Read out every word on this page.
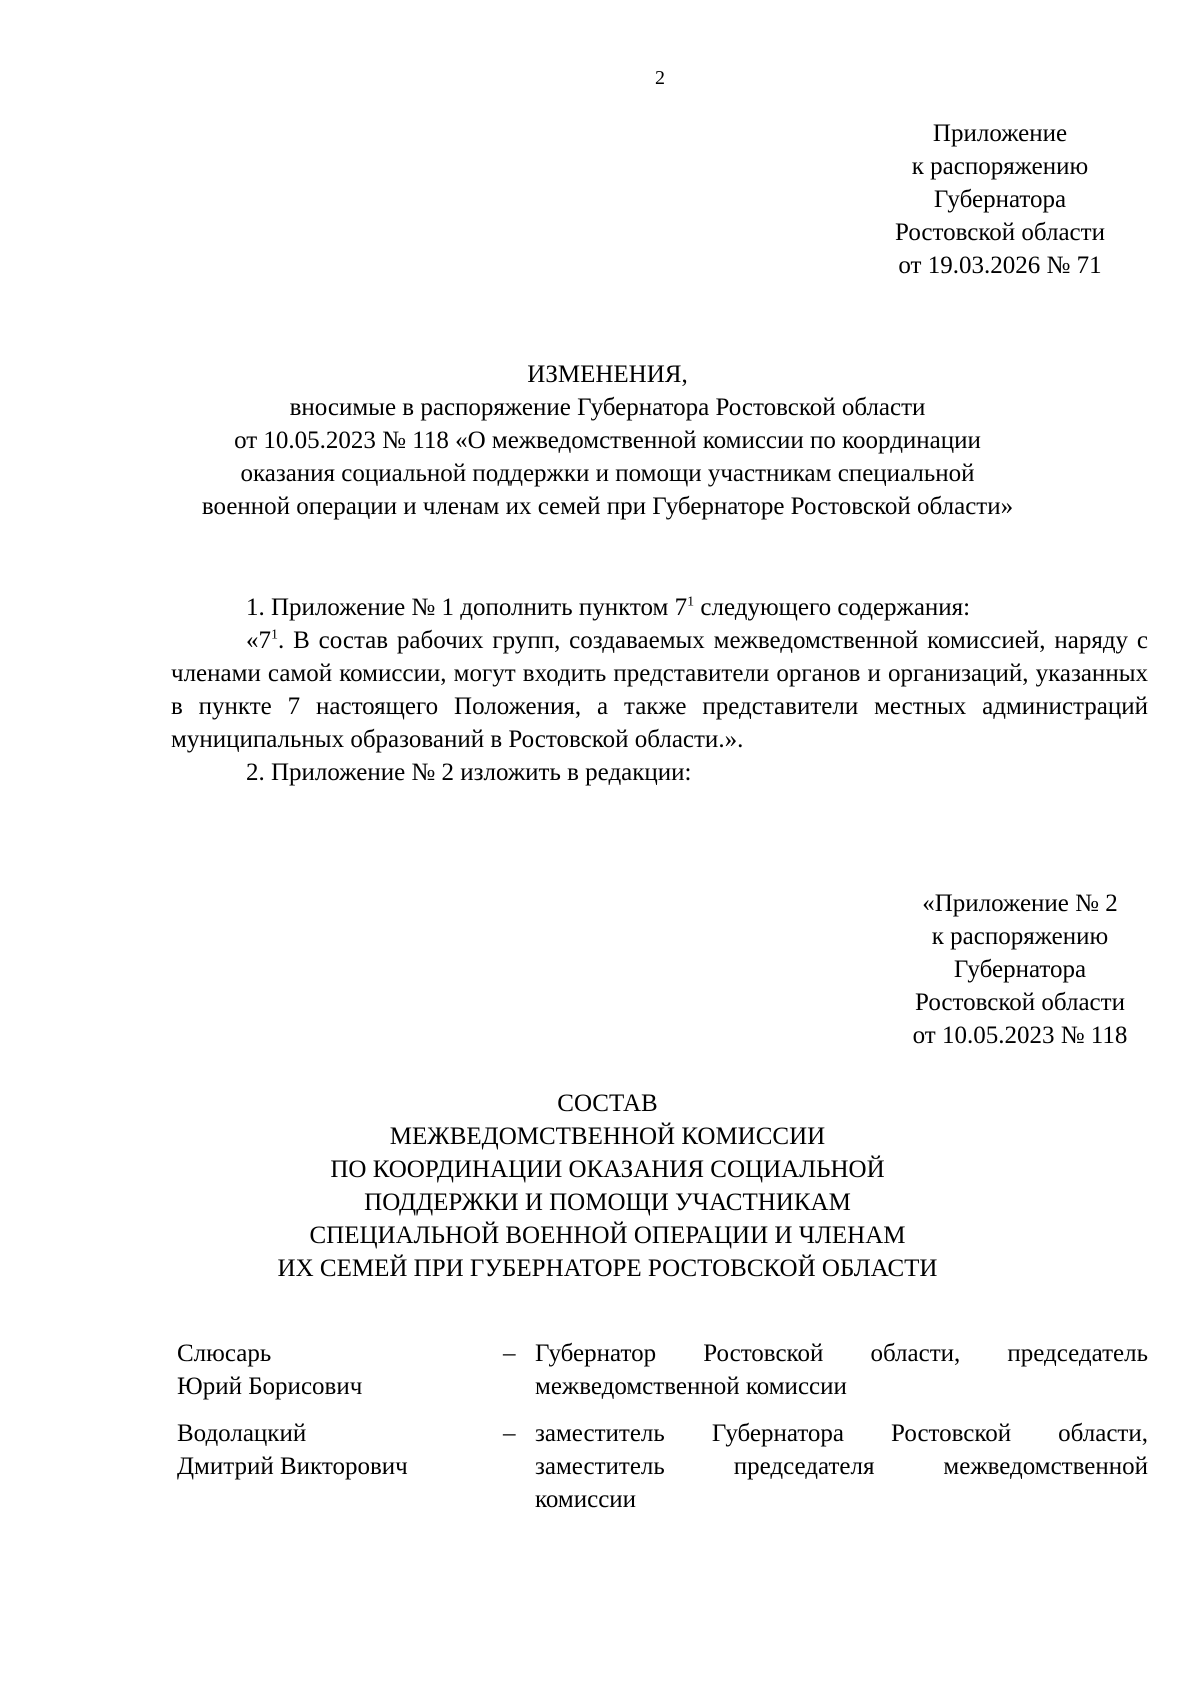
2
Приложение
к распоряжению
Губернатора
Ростовской области
от 19.03.2026 № 71
ИЗМЕНЕНИЯ,
вносимые в распоряжение Губернатора Ростовской области
от 10.05.2023 № 118 «О межведомственной комиссии по координации
оказания социальной поддержки и помощи участникам специальной
военной операции и членам их семей при Губернаторе Ростовской области»

1. Приложение № 1 дополнить пунктом $7^1$ следующего содержания:

«$7^1$. В состав рабочих групп, создаваемых межведомственной комиссией, наряду с членами самой комиссии, могут входить представители органов и организаций, указанных в пункте 7 настоящего Положения, а также представители местных администраций муниципальных образований в Ростовской области.».

2. Приложение № 2 изложить в редакции:

«Приложение № 2
к распоряжению
Губернатора
Ростовской области
от 10.05.2023 № 118
СОСТАВ
МЕЖВЕДОМСТВЕННОЙ КОМИССИИ
ПО КООРДИНАЦИИ ОКАЗАНИЯ СОЦИАЛЬНОЙ
ПОДДЕРЖКИ И ПОМОЩИ УЧАСТНИКАМ
СПЕЦИАЛЬНОЙ ВОЕННОЙ ОПЕРАЦИИ И ЧЛЕНАМ
ИХ СЕМЕЙ ПРИ ГУБЕРНАТОРЕ РОСТОВСКОЙ ОБЛАСТИ
Слюсарь
Юрий Борисович
– Губернатор Ростовской области, председатель
межведомственной комиссии
Водолацкий
Дмитрий Викторович
– заместитель Губернатора Ростовской области,
заместитель председателя межведомственной
комиссии
